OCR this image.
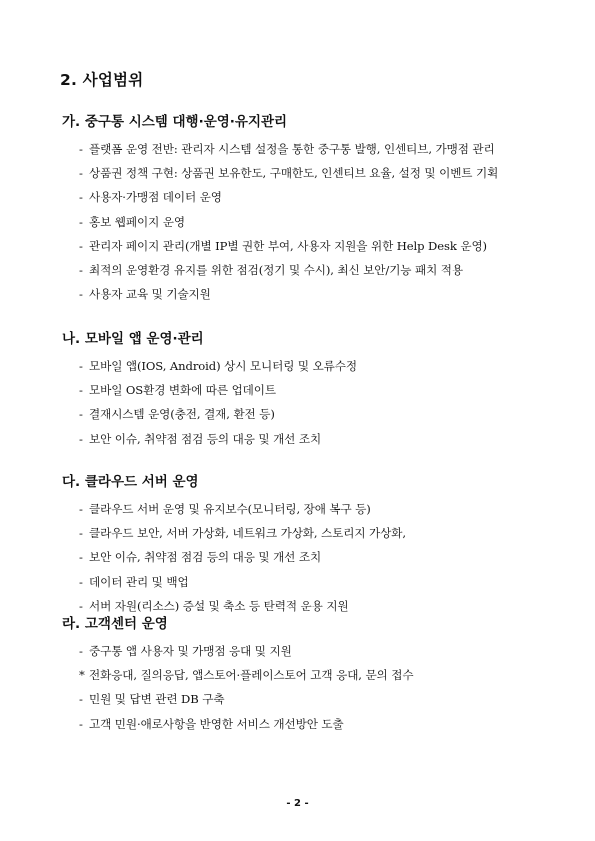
2. 사업범위
가. 중구통 시스템 대행·운영·유지관리
- 플랫폼 운영 전반: 관리자 시스템 설정을 통한 중구통 발행, 인센티브, 가맹점 관리
- 상품권 정책 구현: 상품권 보유한도, 구매한도, 인센티브 요율, 설정 및 이벤트 기획
- 사용자·가맹점 데이터 운영
- 홍보 웹페이지 운영
- 관리자 페이지 관리(개별 IP별 권한 부여, 사용자 지원을 위한 Help Desk 운영)
- 최적의 운영환경 유지를 위한 점검(정기 및 수시), 최신 보안/기능 패치 적용
- 사용자 교육 및 기술지원
나. 모바일 앱 운영·관리
- 모바일 앱(IOS, Android) 상시 모니터링 및 오류수정
- 모바일 OS환경 변화에 따른 업데이트
- 결재시스템 운영(충전, 결재, 환전 등)
- 보안 이슈, 취약점 점검 등의 대응 및 개선 조치
다. 클라우드 서버 운영
- 클라우드 서버 운영 및 유지보수(모니터링, 장애 복구 등)
- 클라우드 보안, 서버 가상화, 네트워크 가상화, 스토리지 가상화,
- 보안 이슈, 취약점 점검 등의 대응 및 개선 조치
- 데이터 관리 및 백업
- 서버 자원(리소스) 증설 및 축소 등 탄력적 운용 지원
라. 고객센터 운영
- 중구통 앱 사용자 및 가맹점 응대 및 지원
* 전화응대, 질의응답, 앱스토어·플레이스토어 고객 응대, 문의 접수
- 민원 및 답변 관련 DB 구축
- 고객 민원·애로사항을 반영한 서비스 개선방안 도출
- 2 -
